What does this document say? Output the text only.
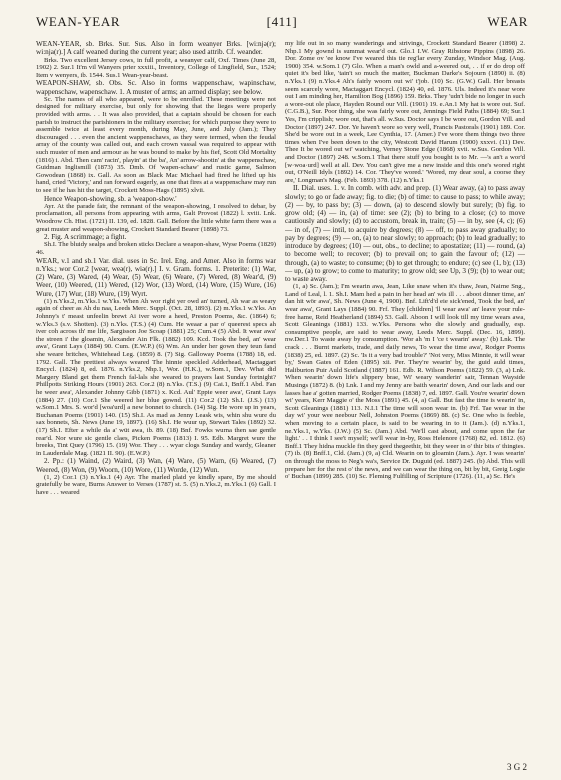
WEAN-YEAR	[411]	WEAR

WEAN-YEAR, sb. Brks. Sur. Sus. Also in form weanyer Brks. [wi:njə(r); wi:nja(r).] A calf weaned during the current year; also used attrib. Cf. weander.

Brks. Two excellent Jersey cows, in full profit, a weanyer calf, Oxf. Times (June 28, 1902) 2. Sur.1 It'm vil Wanyers prier xxxiii., Inventory, College of Lingfield, Sur., 1524; Item v wenyers, ib. 1544. Sus.1 Wean-year-beast.

WEAPON-SHAW, sb. Obs. Sc. Also in forms wappenschaw, wapinschaw, wappenschaw, wapenschaw. 1. A muster of arms; an armed display; see below.

Sc. The names of all who appeared, were to be enrolled. These meetings were not designed for military exercise, but only for showing that the lieges were properly provided with arms. . . It was also provided, that a captain should be chosen for each parish to instruct the parishioners in the military exercise; for which purpose they were to assemble twice at least every month, during May, June, and July (Jam.); They discouraged . . . even the ancient wappenschaws, as they were termed, when the feudal array of the county was called out, and each crown vassal was required to appear with such muster of men and armour as he was bound to make by his fief, Scott Old Mortality (1816) i. Abd. Then cam' racin', playin' at the ba', An' arrow-shootin' at the wappenschaw, Guidman Inglismill (1873) 35. Dmb. Of 'wapen-schaw' and rustic game, Salmon Gowodean (1868) ix. Gall. As soon as Black Mac Michael had fired he lifted up his hand, cried 'Victory,' and ran forward eagerly, as one that fires at a wappenschaw may run to see if he has hit the target, Crockett Moss-Hags (1895) xlvii.

Hence Weapon-showing, sb. a 'weapon-show.'

Ayr. At the parade fair, the remnant of the weapon-showing, I resolved to debar, by proclamation, all persons from appearing with arms, Galt Provost (1822) l. xviii. Lnk. Woodrow Ch. Hist. (1721) II. 139, ed. 1828. Gall. Before the little white farm there was a great muster and weapon-showing, Crockett Standard Bearer (1898) 73.

2. Fig. A scrimmage; a fight.

Sh.I. The bluidy sealps and broken sticks Declare a weapon-shaw, Wyse Poems (1829) 46.

WEAR, v.1 and sb.1 Var. dial. uses in Sc. Irel. Eng. and Amer. Also in forms war n.Yks.; wor Cor.2 [weər, weə(r), wiə(r).] I. v. Gram. forms. 1. Preterite: (1) War, (2) Ware, (3) Wared, (4) Wear, (5) Wear, (6) Weare, (7) Wered, (8) Wear'd, (9) Weer, (10) Weered, (11) Wered, (12) Wor, (13) Word, (14) Wore, (15) Wure, (16) Wure, (17) Wur, (18) Wure, (19) Wyrt.

(1) n.Yks.2, m.Yks.1 w.Yks. When Ah wor right yer owd an' turned, Ah war as weary again of cheer as Ah du naa, Leeds Merc. Suppl. (Oct. 28, 1893). (2) m.Yks.1 w.Yks. An Johnny's t' meast unfeelin brewt Ai iver wore a heed, Preston Poems, &c. (1864) 6; w.Yks.3 (s.v. Shotten). (3) n.Yks. (T.S.) (4) Cum. He weaar a par o' queerest specs ah iver coh across th' me life, Sargisson Joe Scoap (1881) 25; Cum.4 (5) Abd. It wear awa' the streen i' the gloamin, Alexander Ain Flk. (1882) 109. Kcd. Took the bed, an' wear awa', Grant Lays (1884) 90. Cum. (E.W.P.) (6) Wm. An under her gown they teun fand she weare britches, Whitehead Leg. (1859) 8. (7) Sig. Galloway Poems (1788) 18, ed. 1792. Gall. The prettiest always weared The hinnie speckled Adderhead, Mactaggart Encycl. (1824) 8, ed. 1876. n.Yks.2, Nhp.1, Wor. (H.K.), w.Som.1, Dev. What did Margery Bland get them French fal-lals she weared to prayers last Sunday fortnight? Phillpotts Striking Hours (1901) 263. Cor.2 (8) n.Yks. (T.S.) (9) Cai.1, Bnff.1 Abd. Fan he weer awa', Alexander Johnny Gibb (1871) x. Kcd. Aul' Eppie weer awa', Grant Lays (1884) 27. (10) Cor.1 She weered her blue gownd. (11) Cor.2 (12) Sh.I. (J.S.) (13) w.Som.1 Mrs. S. wor'd [woa'urd] a new bonnet to church. (14) Sig. He wore up in years, Buchanan Poems (1901) 140. (15) Sh.I. As mad as Jenny Leask wis, whin shu wure du sax bonnets, Sh. News (June 19, 1897). (16) Sh.I. He wuur up, Stewart Tales (1892) 32. (17) Sh.I. Efter a while da a' wüt awa, ib. 89. (18) Bnf. Fowks wurna then sae gentle rear'd. Nor wure sic gentle claes, Picken Poems (1813) I. 95. Edb. Margret wure the breeks, Tint Quey (1796) 15. (19) Wor. They . . . wyar clogs Sunday and wardy, Gleaner in Lauderdale Mag. (1821 II. 90). (E.W.P.)

2. Pp.: (1) Waind, (2) Waird, (3) Wan, (4) Ware, (5) Warn, (6) Weared, (7) Weered, (8) Won, (9) Woorn, (10) Wore, (11) Worde, (12) Wun.

(1, 2) Cor.1 (3) n.Yks.1 (4) Ayr. The marled plaid ye kindly spare, By me should gratefully be ware, Burns Answer to Verses (1787) st. 5. (5) n.Yks.2, m.Yks.1 (6) Gall. I have . . . weared

my life out in so many wanderings and strivings, Crockett Standard Bearer (1898) 2. Nhp.1 My gownd is summat wear'd out. Glo.1 I.W. Gray Ribstone Pippins (1898) 26. Dor. Zome ov 'ee know I've weared this tie reg'lar every Zunday, Windsor Mag. (Aug. 1900) 354. w.Som.1 (7) Glo. When a man's owld and a-weered out, . . if er do drop off quiet it's bed like, 'tain't so much the matter, Buckman Darke's Sojourn (1890) ii. (8) n.Yks.1 (9) n.Yks.4 Ah's fairly woorn out wi' t'job. (10) Sc. (G.W.) Gall. Her breasts seem scarcely wore, Mactaggart Encycl. (1824) 40, ed. 1876. Uls. Indeed it's near wore out I am minding her, Hamilton Bog (1896) 159. Brks. They 'udn't bide no longer in such a wore-out ole place, Hayden Round our Vill. (1901) 19. e.An.1 My hat is wore out. Suf. (C.G.B.), Sur. Poor thing, she was fairly wore out, Jennings Field Paths (1884) 69; Sur.1 Yes, I'm cripplish; wore out, that's all. w.Sus. Doctor says I be wore out, Gordon Vill. and Doctor (1897) 247. Dor. Ye haven't wore so very well, Francis Pastorals (1901) 189. Cor. She'd be wore out in a week, Lee Cynthia, 17. (Amer.) I've wore them things two three times when I've been down to the city, Westcott David Harum (1900) xxxvi. (11) Dev. Thee It be wored out wi' watching, Verney Stone Edge (1868) xvii. w.Sus. Gordon Vill. and Doctor (1897) 248. w.Som.1 That there stuff you bought is to Mr. —'s an't a wor'd [w·woa·urd] well at all. Dev. You can't give me a new inside and this one's wored right out, O'Neill Idyls (1892) 14. Cor. 'They've wored.' 'Wored, my dear soul, a coorse they are,' Longman's Mag. (Feb. 1893) 378. (12) n.Yks.1

II. Dial. uses. 1. v. In comb. with adv. and prep. (1) Wear away, (a) to pass away slowly; to go or fade away; fig. to die; (b) of time: to cause to pass; to while away; (2) — by, to pass by; (3) — down, (a) to descend slowly but surely; (b) fig. to grow old; (4) — in, (a) of time: see (2); (b) to bring to a close; (c) to move cautiously and slowly; (d) to accustom, break in, train; (5) — in by, see (4, c); (6) — in of, (7) — intil, to acquire by degrees; (8) — off, to pass away gradually; to pay by degrees; (9) — on, (a) to near slowly; to approach; (b) to lead gradually; to introduce by degrees; (10) — out, obs., to decline; to apostatize; (11) — round, (a) to become well; to recover; (b) to prevail on; to gain the favour of; (12) — through, (a) to waste; to consume; (b) to get through; to endure; (c) see (1, b); (13) — up, (a) to grow; to come to maturity; to grow old; see Up, 3 (9); (b) to wear out; to waste away.

(1, a) Sc. (Jam.); I'm wearin awa, Jean, Like snaw when it's thaw, Jean, Nairne Sng., Land of Leal, l. 1. Sh.I. Mam hed a pain in her head an' wis ill . . . aboot dinner time, an' dan hit wör awa', Sh. News (June 4, 1900). Bnf. Lift'd'd eie sick'ened, Took the bed, an' wear awa', Grant Lays (1884) 90. Frf. They [children] 'll wear awa' an' leave your rule-free hame, Reid Heatherland (1894) 53. Gall. Aboon I will look till my time wears awa, Scott Gleanings (1881) 133. w.Yks. Persons who die slowly and gradually, esp. consumptive people, are said to wear away, Leeds Merc. Suppl. (Dec. 16, 1899). nw.Der.1 To waste away by consumption. 'Wor ah 'm I 'ce t wearin' away.' (b) Lnk. The crack . . . Burnt markets, trade, and daily news, To wear the time awa', Rodger Poems (1838) 25, ed. 1897. (2) Sc. 'Is it a very bad trouble?' 'Not very, Miss Minnie, it will wear by,' Swan Gates of Eden (1895) xii. Per. They're wearin' by, the guid auld times, Haliburton Puir Auld Scotland (1887) 161. Edb. R. Wilson Poems (1822) 59. (3, a) Lnk. When wearin' down life's slippery brae, Wi' weary wanderin' sair, Tennan Wayside Musings (1872) 8. (b) Lnk. I and my Jenny are baith wearin' down, And our lads and our lasses hae a' gotten married, Rodger Poems (1838) 7, ed. 1897. Gall. You're wearin' down wi' years, Kerr Maggie o' the Moss (1891) 45. (4, a) Gall. But fast the time is wearin' in, Scott Gleanings (1881) 113. N.I.1 The time will soon wear in. (b) Frf. Tae wear in the day wi' your wee neebour Nell, Johnston Poems (1869) 88. (c) Sc. One who is feeble, when moving to a certain place, is said to be wearing in to it (Jam.). (d) n.Yks.1, ne.Yks.1, w.Yks. (J.W.) (5) Sc. (Jam.) Abd. 'We'll cast about, and come upon the far light.' . . I think I see't myself; we'll wear in-by, Ross Helenore (1768) 82, ed. 1812. (6) Bnff.1 They hidna muckle fin they geed thegeethir, bit they weer in o' thir bits o' thingies. (7) ib. (8) Bnff.1, Cld. (Jam.) (9, a) Cld. Wearin on to gloamin (Jam.). Ayr. I was wearin' on through the moss to Neg's wa's, Service Dr. Duguid (ed. 1887) 245. (b) Abd. This will prepare her for the rest o' the news, and we can wear the thing on, bit by bit, Greig Logie o' Buchan (1899) 285. (10) Sc. Fleming Fulfilling of Scripture (1726). (11, a) Sc. He's

3 G 2
